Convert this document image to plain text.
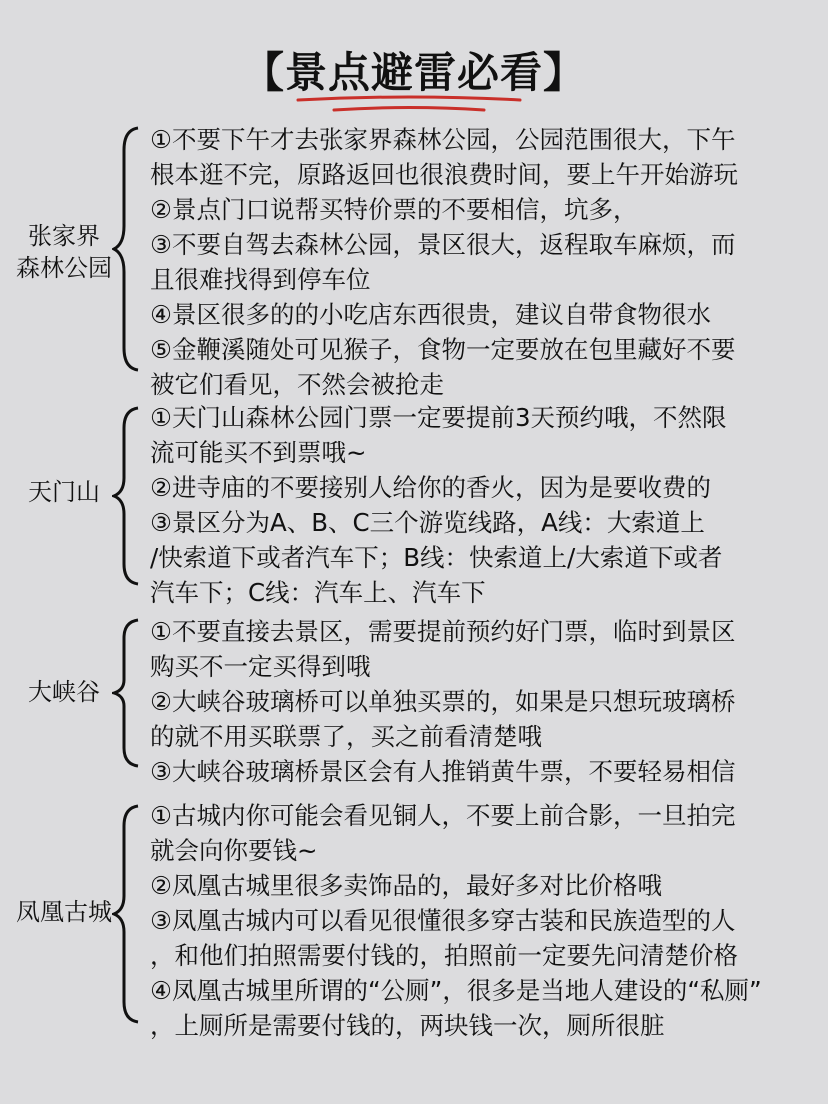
【景点避雷必看】
张家界
森林公园
①不要下午才去张家界森林公园，公园范围很大，下午
根本逛不完，原路返回也很浪费时间，要上午开始游玩
②景点门口说帮买特价票的不要相信，坑多，
③不要自驾去森林公园，景区很大，返程取车麻烦，而
且很难找得到停车位
④景区很多的的小吃店东西很贵，建议自带食物很水
⑤金鞭溪随处可见猴子，食物一定要放在包里藏好不要
被它们看见，不然会被抢走
天门山
①天门山森林公园门票一定要提前3天预约哦，不然限
流可能买不到票哦~
②进寺庙的不要接别人给你的香火，因为是要收费的
③景区分为A、B、C三个游览线路，A线：大索道上
/快索道下或者汽车下；B线：快索道上/大索道下或者
汽车下；C线：汽车上、汽车下
大峡谷
①不要直接去景区，需要提前预约好门票，临时到景区
购买不一定买得到哦
②大峡谷玻璃桥可以单独买票的，如果是只想玩玻璃桥
的就不用买联票了，买之前看清楚哦
③大峡谷玻璃桥景区会有人推销黄牛票，不要轻易相信
凤凰古城
①古城内你可能会看见铜人，不要上前合影，一旦拍完
就会向你要钱~
②凤凰古城里很多卖饰品的，最好多对比价格哦
③凤凰古城内可以看见很懂很多穿古装和民族造型的人
，和他们拍照需要付钱的，拍照前一定要先问清楚价格
④凤凰古城里所谓的“公厕”，很多是当地人建设的“私厕”
，上厕所是需要付钱的，两块钱一次，厕所很脏
